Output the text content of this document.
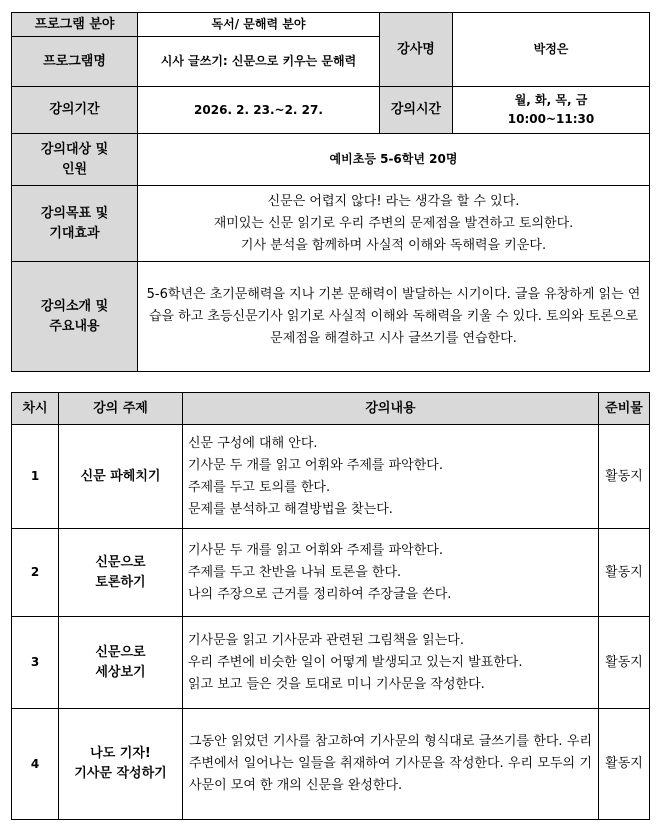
프로그램 분야	독서/ 문해력 분야	강사명	박정은
프로그램명	시사 글쓰기: 신문으로 키우는 문해력		
강의기간	2026. 2. 23.~2. 27.	강의시간	월, 화, 목, 금
10:00~11:30

강의대상 및
인원	예비초등 5-6학년 20명		

강의목표 및
기대효과	신문은 어렵지 않다! 라는 생각을 할 수 있다.
재미있는 신문 읽기로 우리 주변의 문제점을 발견하고 토의한다.
기사 분석을 함께하며 사실적 이해와 독해력을 키운다.		

강의소개 및
주요내용	5-6학년은 초기문해력을 지나 기본 문해력이 발달하는 시기이다. 글을 유창하게 읽는 연습을 하고 초등신문기사 읽기로 사실적 이해와 독해력을 키울 수 있다. 토의와 토론으로 문제점을 해결하고 시사 글쓰기를 연습한다.		
차시	강의 주제	강의내용	준비물
1	신문 파헤치기	신문 구성에 대해 안다.
기사문 두 개를 읽고 어휘와 주제를 파악한다.
주제를 두고 토의를 한다.
문제를 분석하고 해결방법을 찾는다.	활동지
2	신문으로
토론하기	기사문 두 개를 읽고 어휘와 주제를 파악한다.
주제를 두고 찬반을 나눠 토론을 한다.
나의 주장으로 근거를 정리하여 주장글을 쓴다.	활동지
3	신문으로
세상보기	기사문을 읽고 기사문과 관련된 그림책을 읽는다.
우리 주변에 비슷한 일이 어떻게 발생되고 있는지 발표한다.
읽고 보고 들은 것을 토대로 미니 기사문을 작성한다.	활동지
4	나도 기자!
기사문 작성하기	그동안 읽었던 기사를 참고하여 기사문의 형식대로 글쓰기를 한다. 우리 주변에서 일어나는 일들을 취재하여 기사문을 작성한다. 우리 모두의 기사문이 모여 한 개의 신문을 완성한다.	활동지
